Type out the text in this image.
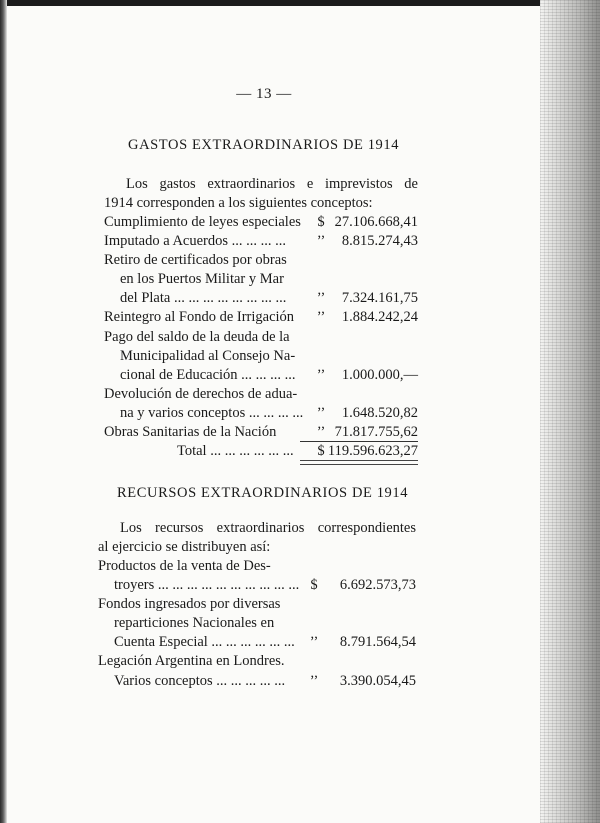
— 13 —
GASTOS EXTRAORDINARIOS DE 1914
Los gastos extraordinarios e imprevistos de
1914 corresponden a los siguientes conceptos:
Cumplimiento de leyes especiales $ 27.106.668,41
Imputado a Acuerdos ... ... ... ... ’’ 8.815.274,43
Retiro de certificados por obras
en los Puertos Militar y Mar
del Plata ... ... ... ... ... ... ... ... ’’ 7.324.161,75
Reintegro al Fondo de Irrigación ’’ 1.884.242,24
Pago del saldo de la deuda de la
Municipalidad al Consejo Na-
cional de Educación ... ... ... ... ’’ 1.000.000,—
Devolución de derechos de adua-
na y varios conceptos ... ... ... ... ’’ 1.648.520,82
Obras Sanitarias de la Nación	’’ 71.817.755,62
Total ... ... ... ... ... ... $ 119.596.623,27
RECURSOS EXTRAORDINARIOS DE 1914
Los recursos extraordinarios correspondientes
al ejercicio se distribuyen así:
Productos de la venta de Des-
troyers ... ... ... ... ... ... ... ... ... ... $ 6.692.573,73
Fondos ingresados por diversas
reparticiones Nacionales en
Cuenta Especial ... ... ... ... ... ... ’’ 8.791.564,54
Legación Argentina en Londres.
Varios conceptos ... ... ... ... ... ’’ 3.390.054,45
